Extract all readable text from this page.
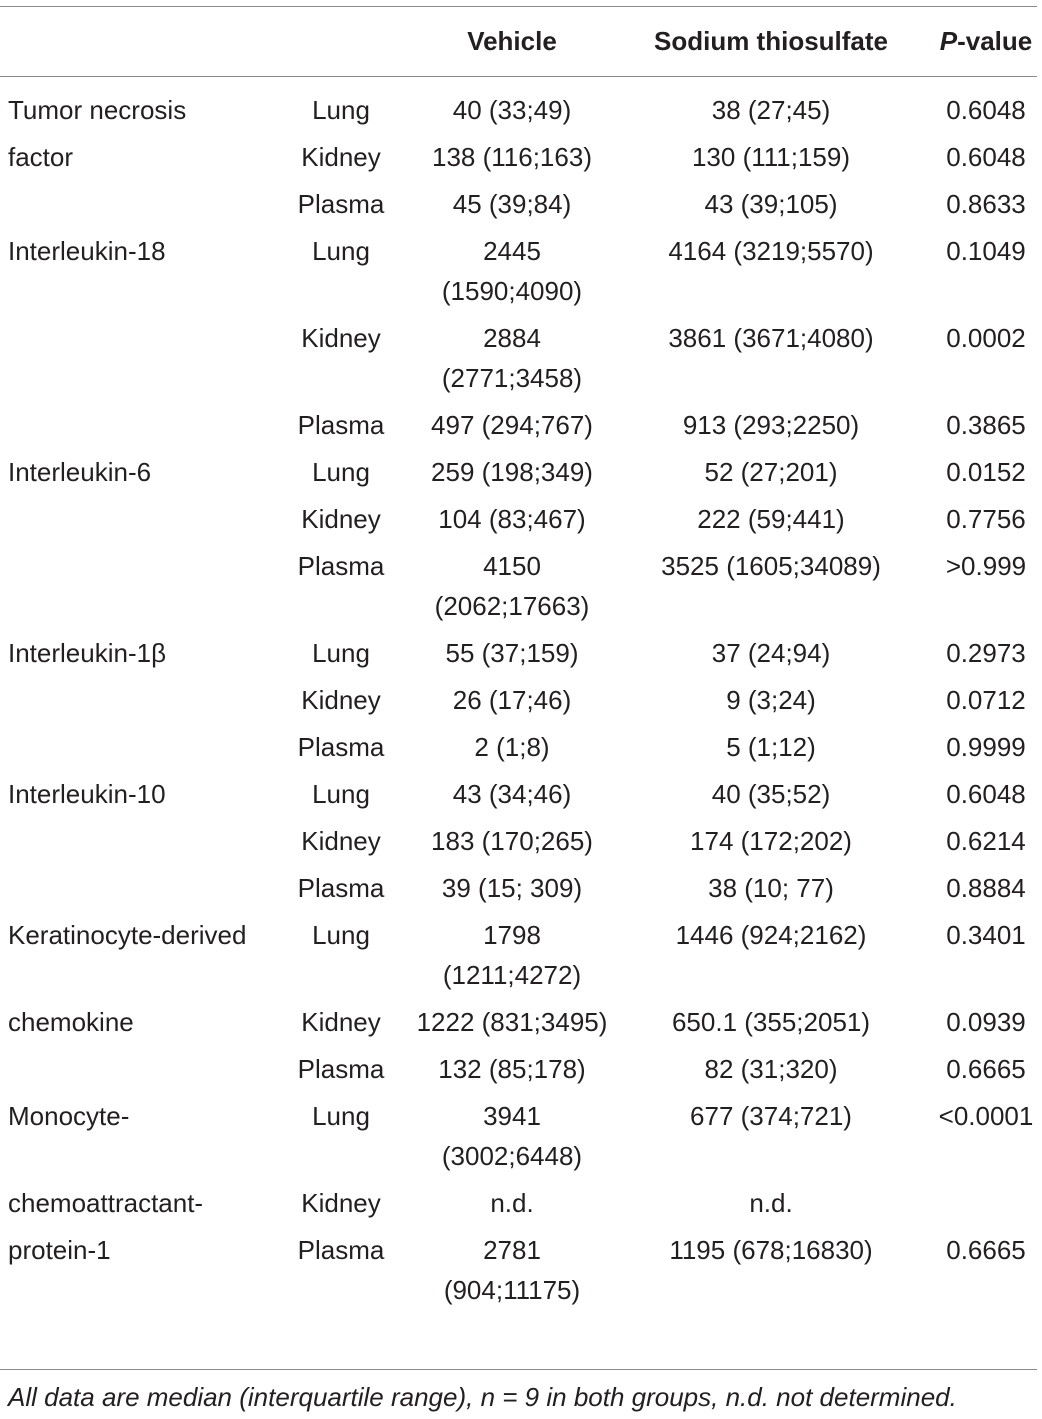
		Vehicle	Sodium thiosulfate	P-value
Tumor necrosis	Lung	40 (33;49)	38 (27;45)	0.6048
factor	Kidney	138 (116;163)	130 (111;159)	0.6048
	Plasma	45 (39;84)	43 (39;105)	0.8633
Interleukin-18	Lung	2445 (1590;4090)	4164 (3219;5570)	0.1049
	Kidney	2884 (2771;3458)	3861 (3671;4080)	0.0002
	Plasma	497 (294;767)	913 (293;2250)	0.3865
Interleukin-6	Lung	259 (198;349)	52 (27;201)	0.0152
	Kidney	104 (83;467)	222 (59;441)	0.7756
	Plasma	4150 (2062;17663)	3525 (1605;34089)	>0.999
Interleukin-1β	Lung	55 (37;159)	37 (24;94)	0.2973
	Kidney	26 (17;46)	9 (3;24)	0.0712
	Plasma	2 (1;8)	5 (1;12)	0.9999
Interleukin-10	Lung	43 (34;46)	40 (35;52)	0.6048
	Kidney	183 (170;265)	174 (172;202)	0.6214
	Plasma	39 (15; 309)	38 (10; 77)	0.8884
Keratinocyte-derived	Lung	1798 (1211;4272)	1446 (924;2162)	0.3401
chemokine	Kidney	1222 (831;3495)	650.1 (355;2051)	0.0939
	Plasma	132 (85;178)	82 (31;320)	0.6665
Monocyte-	Lung	3941 (3002;6448)	677 (374;721)	<0.0001
chemoattractant-	Kidney	n.d.	n.d.	
protein-1	Plasma	2781 (904;11175)	1195 (678;16830)	0.6665
All data are median (interquartile range), n = 9 in both groups, n.d. not determined.
